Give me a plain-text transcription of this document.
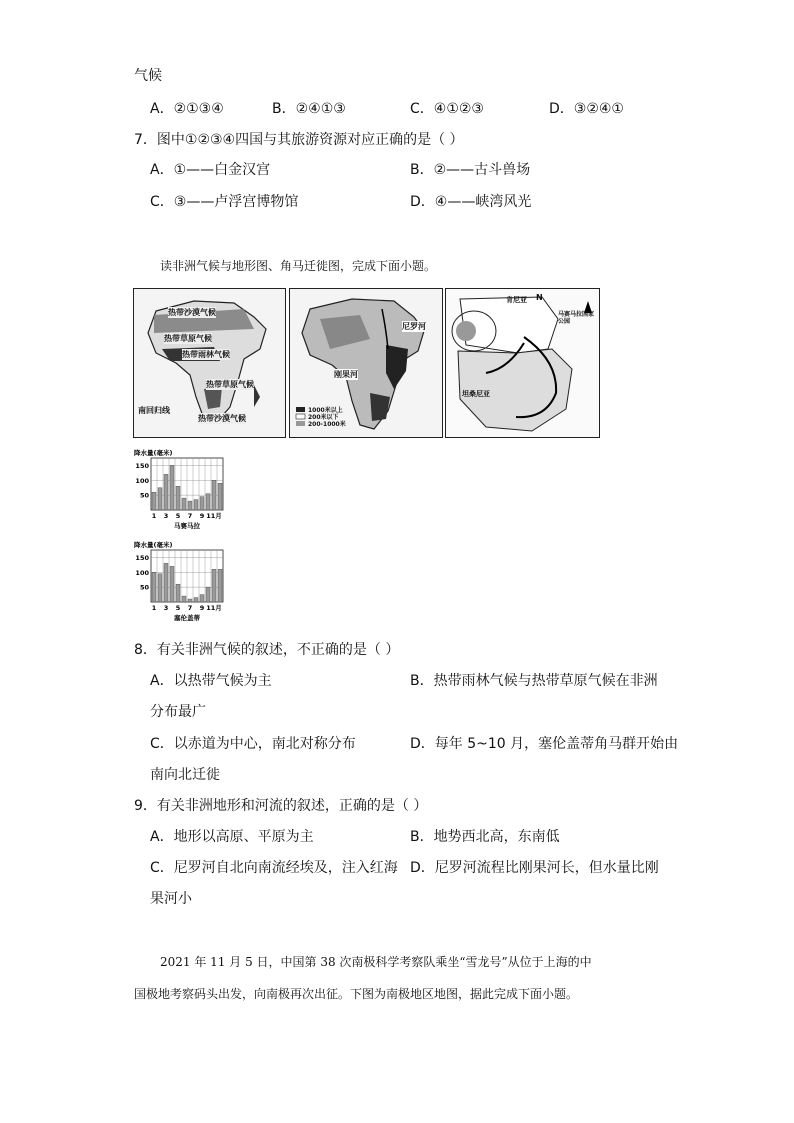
气候
A．②①③④	B．②④①③	C．④①②③	D．③②④①
7．图中①②③④四国与其旅游资源对应正确的是（ ）
A．①——白金汉宫	B．②——古斗兽场
C．③——卢浮宫博物馆	D．④——峡湾风光
读非洲气候与地形图、角马迁徙图，完成下面小题。
热带沙漠气候
热带草原气候
热带雨林气候
热带草原气候
热带沙漠气候
南回归线
尼罗河
刚果河
1000米以上
200米以下
200-1000米
N
肯尼亚
马赛马拉国家公园
坦桑尼亚
降水量(毫米)
150
100
50
1 3 5 7 9 11月
马赛马拉
降水量(毫米)
150
100
50
1 3 5 7 9 11月
塞伦盖蒂
8．有关非洲气候的叙述，不正确的是（ ）
A．以热带气候为主	B．热带雨林气候与热带草原气候在非洲
分布最广
C．以赤道为中心，南北对称分布	D．每年 5~10 月，塞伦盖蒂角马群开始由
南向北迁徙
9．有关非洲地形和河流的叙述，正确的是（ ）
A．地形以高原、平原为主	B．地势西北高，东南低
C．尼罗河自北向南流经埃及，注入红海 D．尼罗河流程比刚果河长，但水量比刚
果河小
2021 年 11 月 5 日，中国第 38 次南极科学考察队乘坐“雪龙号”从位于上海的中
国极地考察码头出发，向南极再次出征。下图为南极地区地图，据此完成下面小题。
